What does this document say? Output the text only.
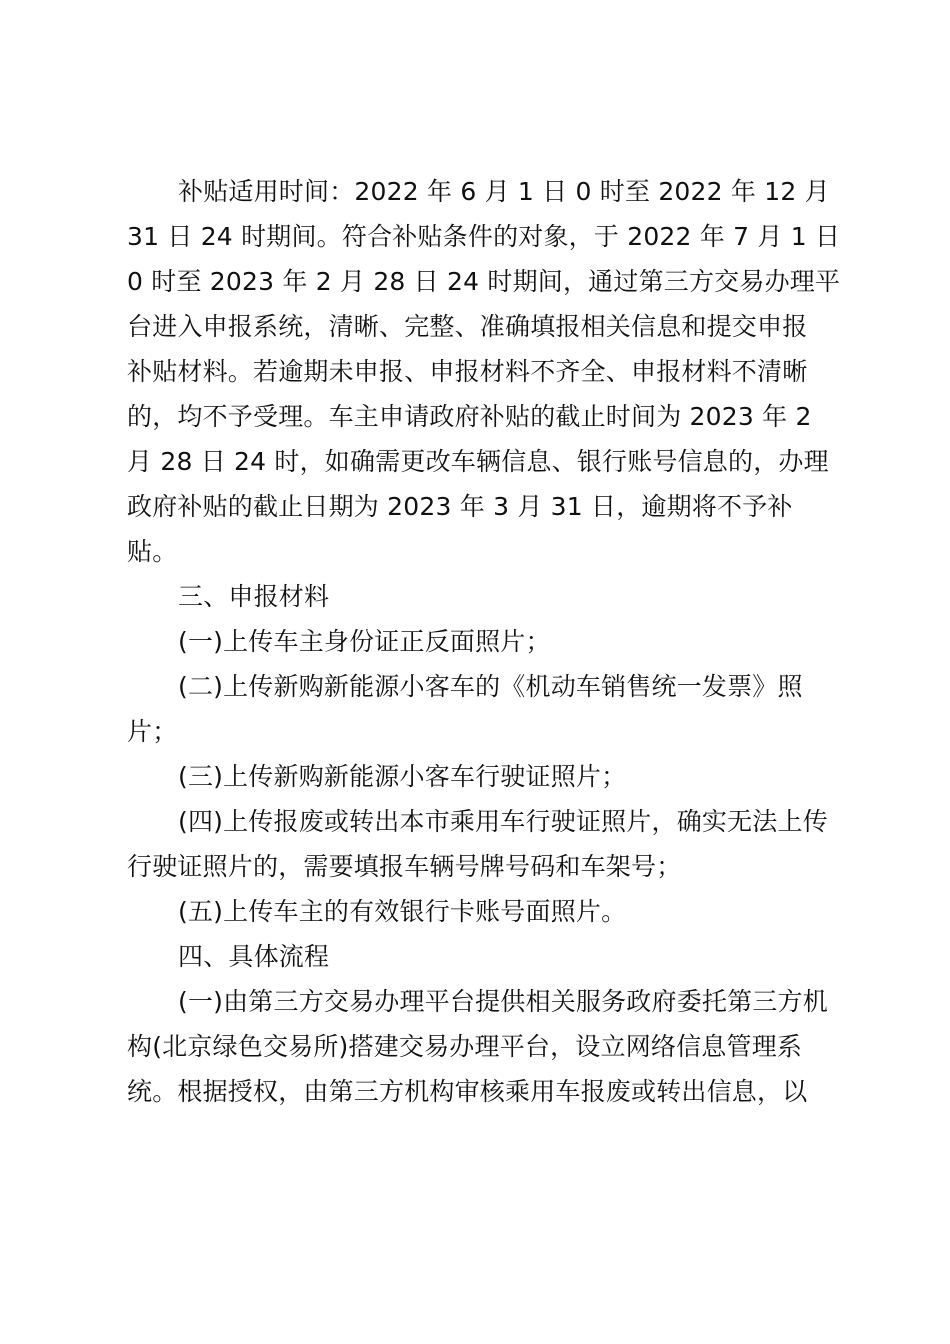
补贴适用时间：2022 年 6 月 1 日 0 时至 2022 年 12 月
31 日 24 时期间。符合补贴条件的对象，于 2022 年 7 月 1 日
0 时至 2023 年 2 月 28 日 24 时期间，通过第三方交易办理平
台进入申报系统，清晰、完整、准确填报相关信息和提交申报
补贴材料。若逾期未申报、申报材料不齐全、申报材料不清晰
的，均不予受理。车主申请政府补贴的截止时间为 2023 年 2
月 28 日 24 时，如确需更改车辆信息、银行账号信息的，办理
政府补贴的截止日期为 2023 年 3 月 31 日，逾期将不予补
贴。
三、申报材料
(一)上传车主身份证正反面照片；
(二)上传新购新能源小客车的《机动车销售统一发票》照
片；
(三)上传新购新能源小客车行驶证照片；
(四)上传报废或转出本市乘用车行驶证照片，确实无法上传
行驶证照片的，需要填报车辆号牌号码和车架号；
(五)上传车主的有效银行卡账号面照片。
四、具体流程
(一)由第三方交易办理平台提供相关服务政府委托第三方机
构(北京绿色交易所)搭建交易办理平台，设立网络信息管理系
统。根据授权，由第三方机构审核乘用车报废或转出信息，以
